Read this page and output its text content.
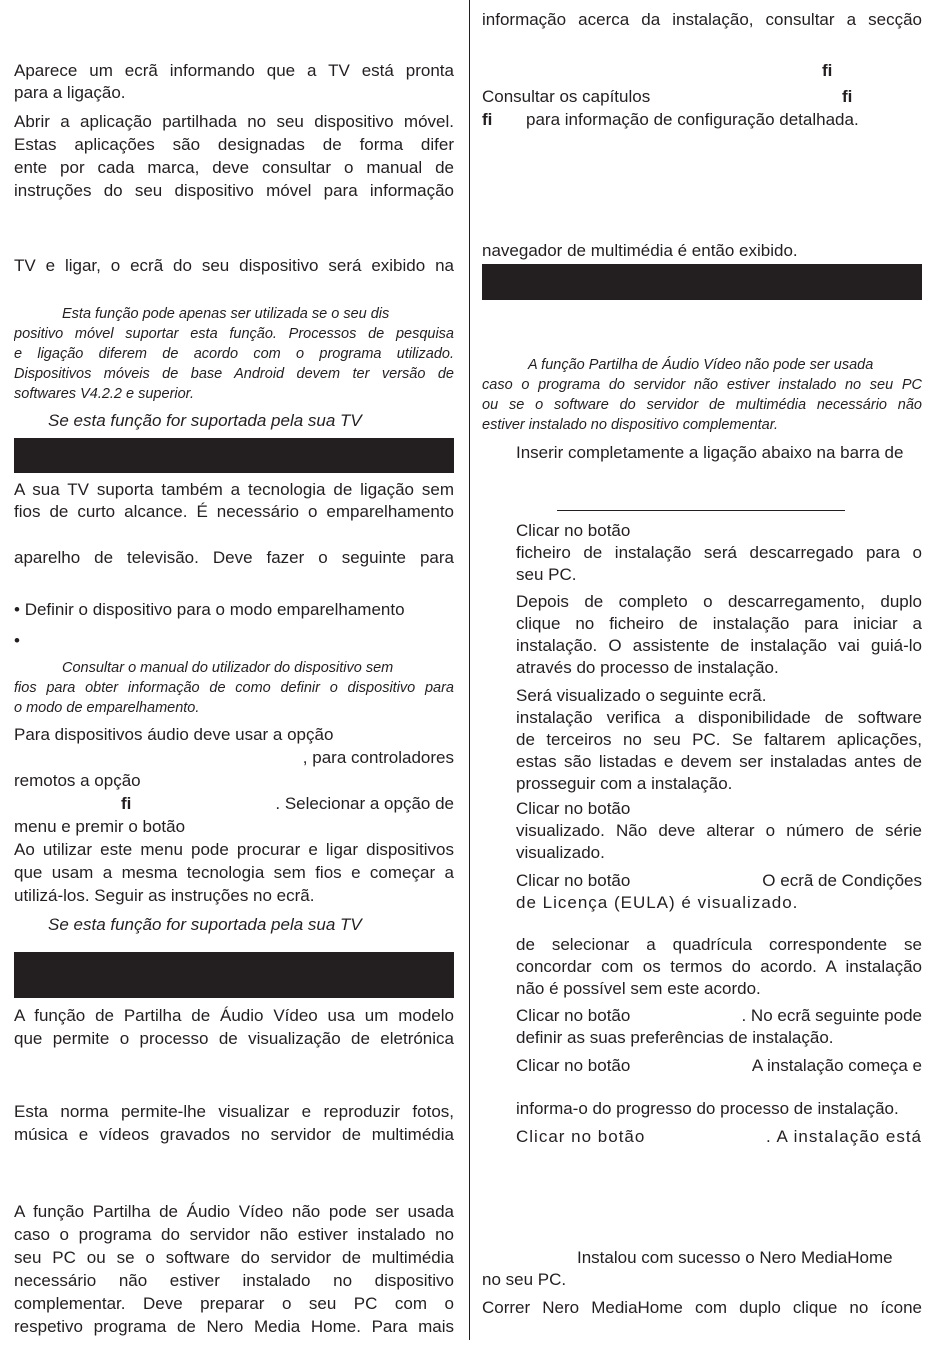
Aparece um ecrã informando que a TV está pronta
para a ligação.
Abrir a aplicação partilhada no seu dispositivo móvel.
Estas aplicações são designadas de forma difer
ente por cada marca, deve consultar o manual de
instruções do seu dispositivo móvel para informação
TV e ligar, o ecrã do seu dispositivo será exibido na
Esta função pode apenas ser utilizada se o seu dis
positivo móvel suportar esta função. Processos de pesquisa
e ligação diferem de acordo com o programa utilizado.
Dispositivos móveis de base Android devem ter versão de
softwares V4.2.2 e superior.
Se esta função for suportada pela sua TV
A sua TV suporta também a tecnologia de ligação sem
fios de curto alcance. É necessário o emparelhamento
aparelho de televisão. Deve fazer o seguinte para
• Definir o dispositivo para o modo emparelhamento
•
Consultar o manual do utilizador do dispositivo sem
fios para obter informação de como definir o dispositivo para
o modo de emparelhamento.
Para dispositivos áudio deve usar a opção
, para controladores
remotos a opção
fi	. Selecionar a opção de
menu e premir o botão
Ao utilizar este menu pode procurar e ligar dispositivos
que usam a mesma tecnologia sem fios e começar a
utilizá-los. Seguir as instruções no ecrã.
Se esta função for suportada pela sua TV
A função de Partilha de Áudio Vídeo usa um modelo
que permite o processo de visualização de eletrónica
Esta norma permite-lhe visualizar e reproduzir fotos,
música e vídeos gravados no servidor de multimédia
A função Partilha de Áudio Vídeo não pode ser usada
caso o programa do servidor não estiver instalado no
seu PC ou se o software do servidor de multimédia
necessário não estiver instalado no dispositivo
complementar. Deve preparar o seu PC com o
respetivo programa de Nero Media Home. Para mais
informação acerca da instalação, consultar a secção
fi
Consultar os capítulos	fi
fi	para informação de configuração detalhada.
navegador de multimédia é então exibido.
A função Partilha de Áudio Vídeo não pode ser usada
caso o programa do servidor não estiver instalado no seu PC
ou se o software do servidor de multimédia necessário não
estiver instalado no dispositivo complementar.
Inserir completamente a ligação abaixo na barra de
Clicar no botão
ficheiro de instalação será descarregado para o
seu PC.
Depois de completo o descarregamento, duplo
clique no ficheiro de instalação para iniciar a
instalação. O assistente de instalação vai guiá-lo
através do processo de instalação.
Será visualizado o seguinte ecrã.
instalação verifica a disponibilidade de software
de terceiros no seu PC. Se faltarem aplicações,
estas são listadas e devem ser instaladas antes de
prosseguir com a instalação.
Clicar no botão
visualizado. Não deve alterar o número de série
visualizado.
Clicar no botão	O ecrã de Condições
de Licença (EULA) é visualizado.
de selecionar a quadrícula correspondente se
concordar com os termos do acordo. A instalação
não é possível sem este acordo.
Clicar no botão	. No ecrã seguinte pode
definir as suas preferências de instalação.
Clicar no botão	A instalação começa e
informa-o do progresso do processo de instalação.
Clicar no botão	. A instalação está
Instalou com sucesso o Nero MediaHome
no seu PC.
Correr Nero MediaHome com duplo clique no ícone
